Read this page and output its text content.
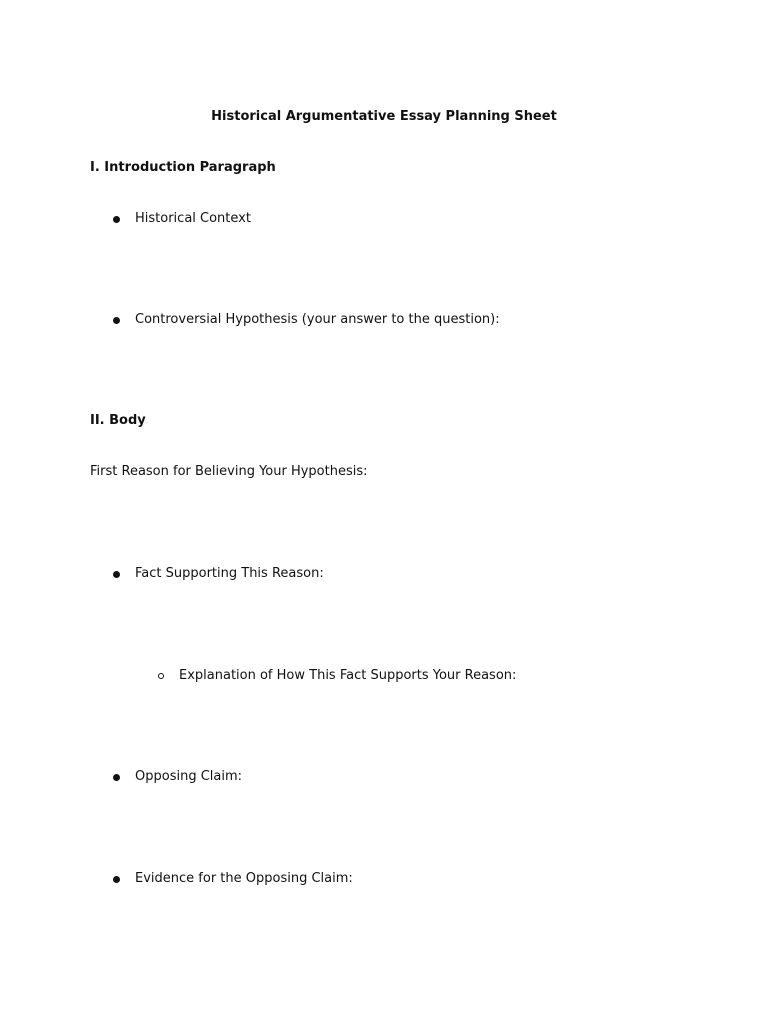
Historical Argumentative Essay Planning Sheet
I. Introduction Paragraph
Historical Context
Controversial Hypothesis (your answer to the question):
II. Body
First Reason for Believing Your Hypothesis:
Fact Supporting This Reason:
Explanation of How This Fact Supports Your Reason:
Opposing Claim:
Evidence for the Opposing Claim:
